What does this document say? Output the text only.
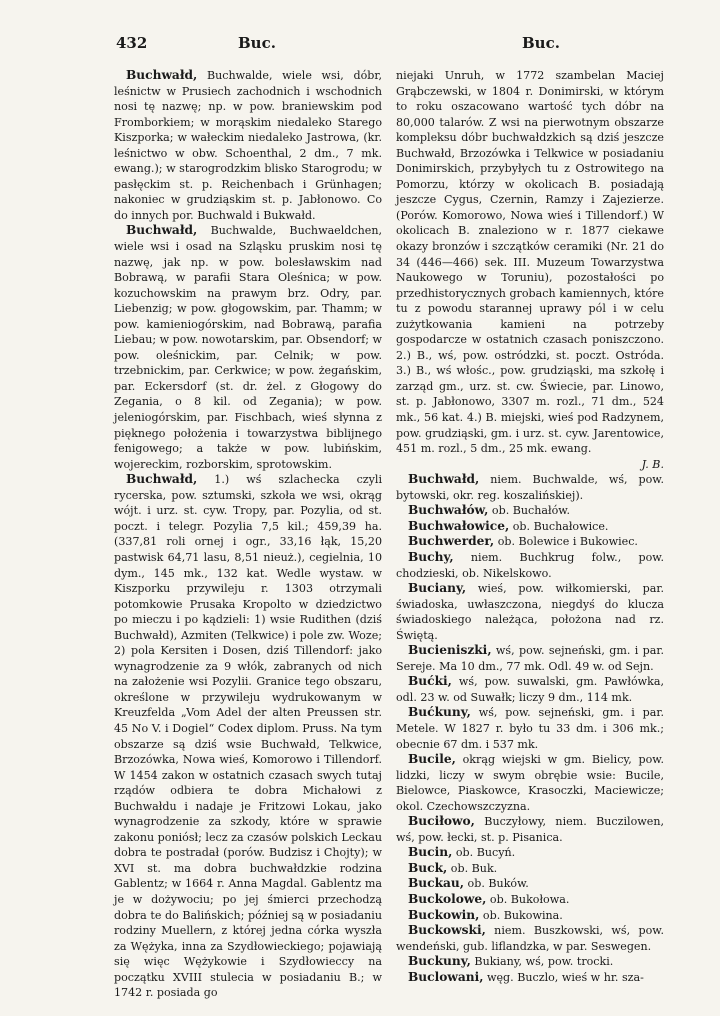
432	Buc.	Buc.

Buchwałd, Buchwalde, wiele wsi, dóbr, leśnictw w Prusiech zachodnich i wschodnich nosi tę nazwę; np. w pow. braniewskim pod Fromborkiem; w morąskim niedaleko Starego Kiszporka; w wałeckim niedaleko Jastrowa, (kr. leśnictwo w obw. Schoenthal, 2 dm., 7 mk. ewang.); w starogrodzkim blisko Starogrodu; w pasłęckim st. p. Reichenbach i Grünhagen; nakoniec w grudziąskim st. p. Jabłonowo. Co do innych por. Buchwald i Bukwałd.

Buchwałd, Buchwalde, Buchwaeldchen, wiele wsi i osad na Szląsku pruskim nosi tę nazwę, jak np. w pow. bolesławskim nad Bobrawą, w parafii Stara Oleśnica; w pow. kozuchowskim na prawym brz. Odry, par. Liebenzig; w pow. głogowskim, par. Thamm; w pow. kamieniogórskim, nad Bobrawą, parafia Liebau; w pow. nowotarskim, par. Obsendorf; w pow. oleśnickim, par. Celnik; w pow. trzebnickim, par. Cerkwice; w pow. żegańskim, par. Eckersdorf (st. dr. żel. z Głogowy do Zegania, o 8 kil. od Zegania); w pow. jeleniogórskim, par. Fischbach, wieś słynna z pięknego położenia i towarzystwa biblijnego fenigowego; a także w pow. lubińskim, wojereckim, rozborskim, sprotowskim.

Buchwałd, 1.) wś szlachecka czyli rycerska, pow. sztumski, szkoła we wsi, okrąg wójt. i urz. st. cyw. Tropy, par. Pozylia, od st. poczt. i telegr. Pozylia 7,5 kil.; 459,39 ha. (337,81 roli ornej i ogr., 33,16 łąk, 15,20 pastwisk 64,71 lasu, 8,51 nieuż.), cegielnia, 10 dym., 145 mk., 132 kat. Wedle wystaw. w Kiszporku przywileju r. 1303 otrzymali potomkowie Prusaka Kropolto w dziedzictwo po mieczu i po kądzieli: 1) wsie Rudithen (dziś Buchwałd), Azmiten (Telkwice) i pole zw. Woze; 2) pola Kersiten i Dosen, dziś Tillendorf: jako wynagrodzenie za 9 włók, zabranych od nich na założenie wsi Pozylii. Granice tego obszaru, określone w przywileju wydrukowanym w Kreuzfelda „Vom Adel der alten Preussen str. 45 No V. i Dogiel“ Codex diplom. Pruss. Na tym obszarze są dziś wsie Buchwałd, Telkwice, Brzozówka, Nowa wieś, Komorowo i Tillendorf. W 1454 zakon w ostatnich czasach swych tutaj rządów odbiera te dobra Michałowi z Buchwałdu i nadaje je Fritzowi Lokau, jako wynagrodzenie za szkody, które w sprawie zakonu poniósł; lecz za czasów polskich Leckau dobra te postradał (porów. Budzisz i Chojty); w XVI st. ma dobra buchwałdzkie rodzina Gablentz; w 1664 r. Anna Magdal. Gablentz ma je w dożywociu; po jej śmierci przechodzą dobra te do Balińskich; później są w posiadaniu rodziny Muellern, z której jedna córka wyszła za Wężyka, inna za Szydłowieckiego; pojawiają się więc Wężykowie i Szydłowieccy na początku XVIII stulecia w posiadaniu B.; w 1742 r. posiada go

niejaki Unruh, w 1772 szambelan Maciej Grąbczewski, w 1804 r. Donimirski, w którym to roku oszacowano wartość tych dóbr na 80,000 talarów. Z wsi na pierwotnym obszarze kompleksu dóbr buchwałdzkich są dziś jeszcze Buchwałd, Brzozówka i Telkwice w posiadaniu Donimirskich, przybyłych tu z Ostrowitego na Pomorzu, którzy w okolicach B. posiadają jeszcze Cygus, Czernin, Ramzy i Zajezierze. (Porów. Komorowo, Nowa wieś i Tillendorf.) W okolicach B. znaleziono w r. 1877 ciekawe okazy bronzów i szczątków ceramiki (Nr. 21 do 34 (446—466) sek. III. Muzeum Towarzystwa Naukowego w Toruniu), pozostałości po przedhistorycznych grobach kamiennych, które tu z powodu starannej uprawy pól i w celu zużytkowania kamieni na potrzeby gospodarcze w ostatnich czasach poniszczono. 2.) B., wś, pow. ostródzki, st. poczt. Ostróda. 3.) B., wś włośc., pow. grudziąski, ma szkołę i zarząd gm., urz. st. cw. Świecie, par. Linowo, st. p. Jabłonowo, 3307 m. rozl., 71 dm., 524 mk., 56 kat. 4.) B. miejski, wieś pod Radzynem, pow. grudziąski, gm. i urz. st. cyw. Jarentowice, 451 m. rozl., 5 dm., 25 mk. ewang.

J. B.

Buchwałd, niem. Buchwalde, wś, pow. bytowski, okr. reg. koszalińskiej).

Buchwałów, ob. Buchałów.

Buchwałowice, ob. Buchałowice.

Buchwerder, ob. Bolewice i Bukowiec.

Buchy, niem. Buchkrug folw., pow. chodzieski, ob. Nikelskowo.

Buciany, wieś, pow. wiłkomierski, par. świadoska, uwłaszczona, niegdyś do klucza świadoskiego należąca, położona nad rz. Świętą.

Bucieniszki, wś, pow. sejneński, gm. i par. Sereje. Ma 10 dm., 77 mk. Odl. 49 w. od Sejn.

Bućki, wś, pow. suwalski, gm. Pawłówka, odl. 23 w. od Suwałk; liczy 9 dm., 114 mk.

Bućkuny, wś, pow. sejneński, gm. i par. Metele. W 1827 r. było tu 33 dm. i 306 mk.; obecnie 67 dm. i 537 mk.

Bucile, okrąg wiejski w gm. Bielicy, pow. lidzki, liczy w swym obrębie wsie: Bucile, Bielowce, Piaskowce, Krasoczki, Maciewicze; okol. Czechowszczyzna.

Buciłowo, Buczyłowy, niem. Buczilowen, wś, pow. łecki, st. p. Pisanica.

Bucin, ob. Bucyń.

Buck, ob. Buk.

Buckau, ob. Buków.

Buckolowe, ob. Bukołowa.

Buckowin, ob. Bukowina.

Buckowski, niem. Buszkowski, wś, pow. wendeński, gub. liflandzka, w par. Seswegen.

Buckuny, Bukiany, wś, pow. trocki.

Buclowani, węg. Buczlo, wieś w hr. sza-
